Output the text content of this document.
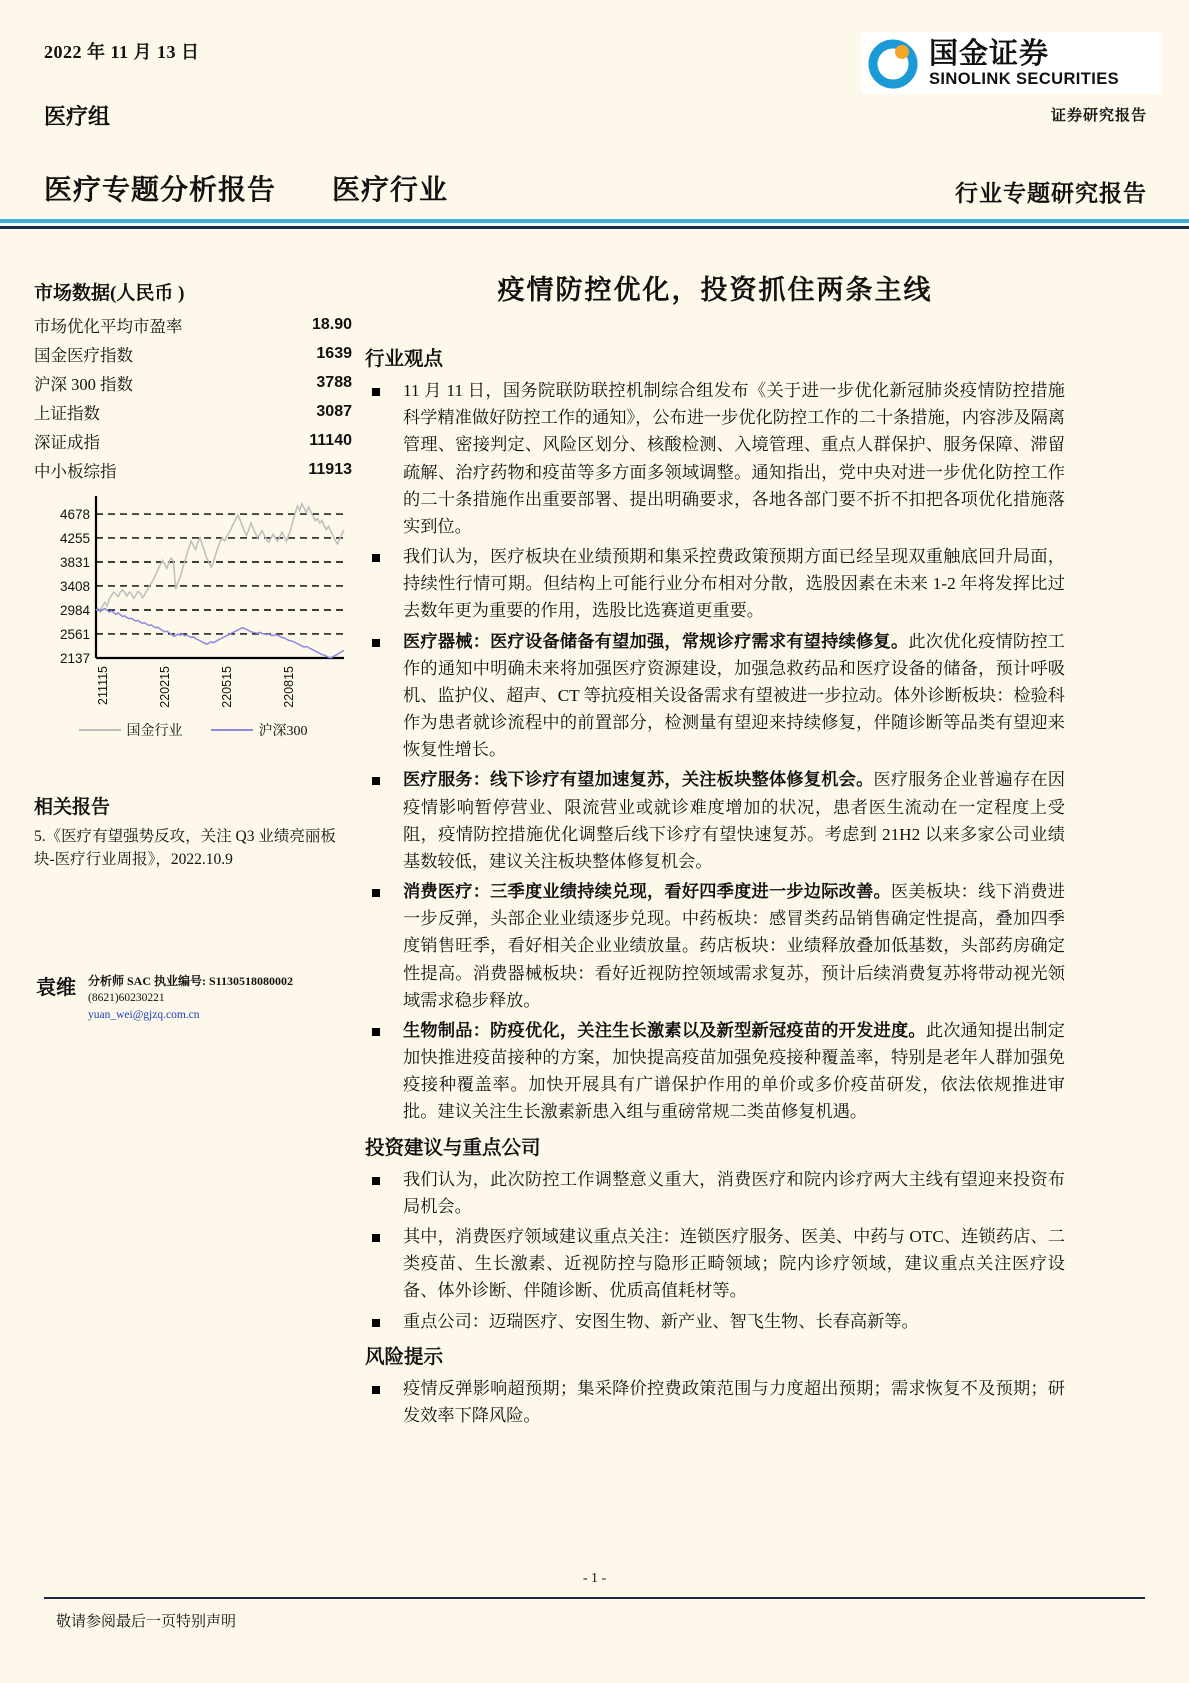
2022 年 11 月 13 日
医疗组
国金证券
SINOLINK SECURITIES
证券研究报告
医疗专题分析报告 医疗行业	行业专题研究报告
市场数据(人民币 )
市场优化平均市盈率	18.90
国金医疗指数	1639
沪深 300 指数	3788
上证指数	3087
深证成指	11140
中小板综指	11913
2137
2561
2984
3408
3831
4255
4678
211115	220215	220515	220815
国金行业	沪深300
相关报告
5.《医疗有望强势反攻，关注 Q3 业绩亮丽板块-医疗行业周报》，2022.10.9
袁维 分析师 SAC 执业编号: S1130518080002
(8621)60230221
yuan_wei@gjzq.com.cn
疫情防控优化，投资抓住两条主线
行业观点
11 月 11 日，国务院联防联控机制综合组发布《关于进一步优化新冠肺炎疫情防控措施科学精准做好防控工作的通知》，公布进一步优化防控工作的二十条措施，内容涉及隔离管理、密接判定、风险区划分、核酸检测、入境管理、重点人群保护、服务保障、滞留疏解、治疗药物和疫苗等多方面多领域调整。通知指出，党中央对进一步优化防控工作的二十条措施作出重要部署、提出明确要求，各地各部门要不折不扣把各项优化措施落实到位。
我们认为，医疗板块在业绩预期和集采控费政策预期方面已经呈现双重触底回升局面，持续性行情可期。但结构上可能行业分布相对分散，选股因素在未来 1-2 年将发挥比过去数年更为重要的作用，选股比选赛道更重要。
医疗器械：医疗设备储备有望加强，常规诊疗需求有望持续修复。此次优化疫情防控工作的通知中明确未来将加强医疗资源建设，加强急救药品和医疗设备的储备，预计呼吸机、监护仪、超声、CT 等抗疫相关设备需求有望被进一步拉动。体外诊断板块：检验科作为患者就诊流程中的前置部分，检测量有望迎来持续修复，伴随诊断等品类有望迎来恢复性增长。
医疗服务：线下诊疗有望加速复苏，关注板块整体修复机会。医疗服务企业普遍存在因疫情影响暂停营业、限流营业或就诊难度增加的状况，患者医生流动在一定程度上受阻，疫情防控措施优化调整后线下诊疗有望快速复苏。考虑到 21H2 以来多家公司业绩基数较低，建议关注板块整体修复机会。
消费医疗：三季度业绩持续兑现，看好四季度进一步边际改善。医美板块：线下消费进一步反弹，头部企业业绩逐步兑现。中药板块：感冒类药品销售确定性提高，叠加四季度销售旺季，看好相关企业业绩放量。药店板块：业绩释放叠加低基数，头部药房确定性提高。消费器械板块：看好近视防控领域需求复苏，预计后续消费复苏将带动视光领域需求稳步释放。
生物制品：防疫优化，关注生长激素以及新型新冠疫苗的开发进度。此次通知提出制定加快推进疫苗接种的方案，加快提高疫苗加强免疫接种覆盖率，特别是老年人群加强免疫接种覆盖率。加快开展具有广谱保护作用的单价或多价疫苗研发，依法依规推进审批。建议关注生长激素新患入组与重磅常规二类苗修复机遇。
投资建议与重点公司
我们认为，此次防控工作调整意义重大，消费医疗和院内诊疗两大主线有望迎来投资布局机会。
其中，消费医疗领域建议重点关注：连锁医疗服务、医美、中药与 OTC、连锁药店、二类疫苗、生长激素、近视防控与隐形正畸领域；院内诊疗领域，建议重点关注医疗设备、体外诊断、伴随诊断、优质高值耗材等。
重点公司：迈瑞医疗、安图生物、新产业、智飞生物、长春高新等。
风险提示
疫情反弹影响超预期；集采降价控费政策范围与力度超出预期；需求恢复不及预期；研发效率下降风险。
- 1 -
敬请参阅最后一页特别声明
